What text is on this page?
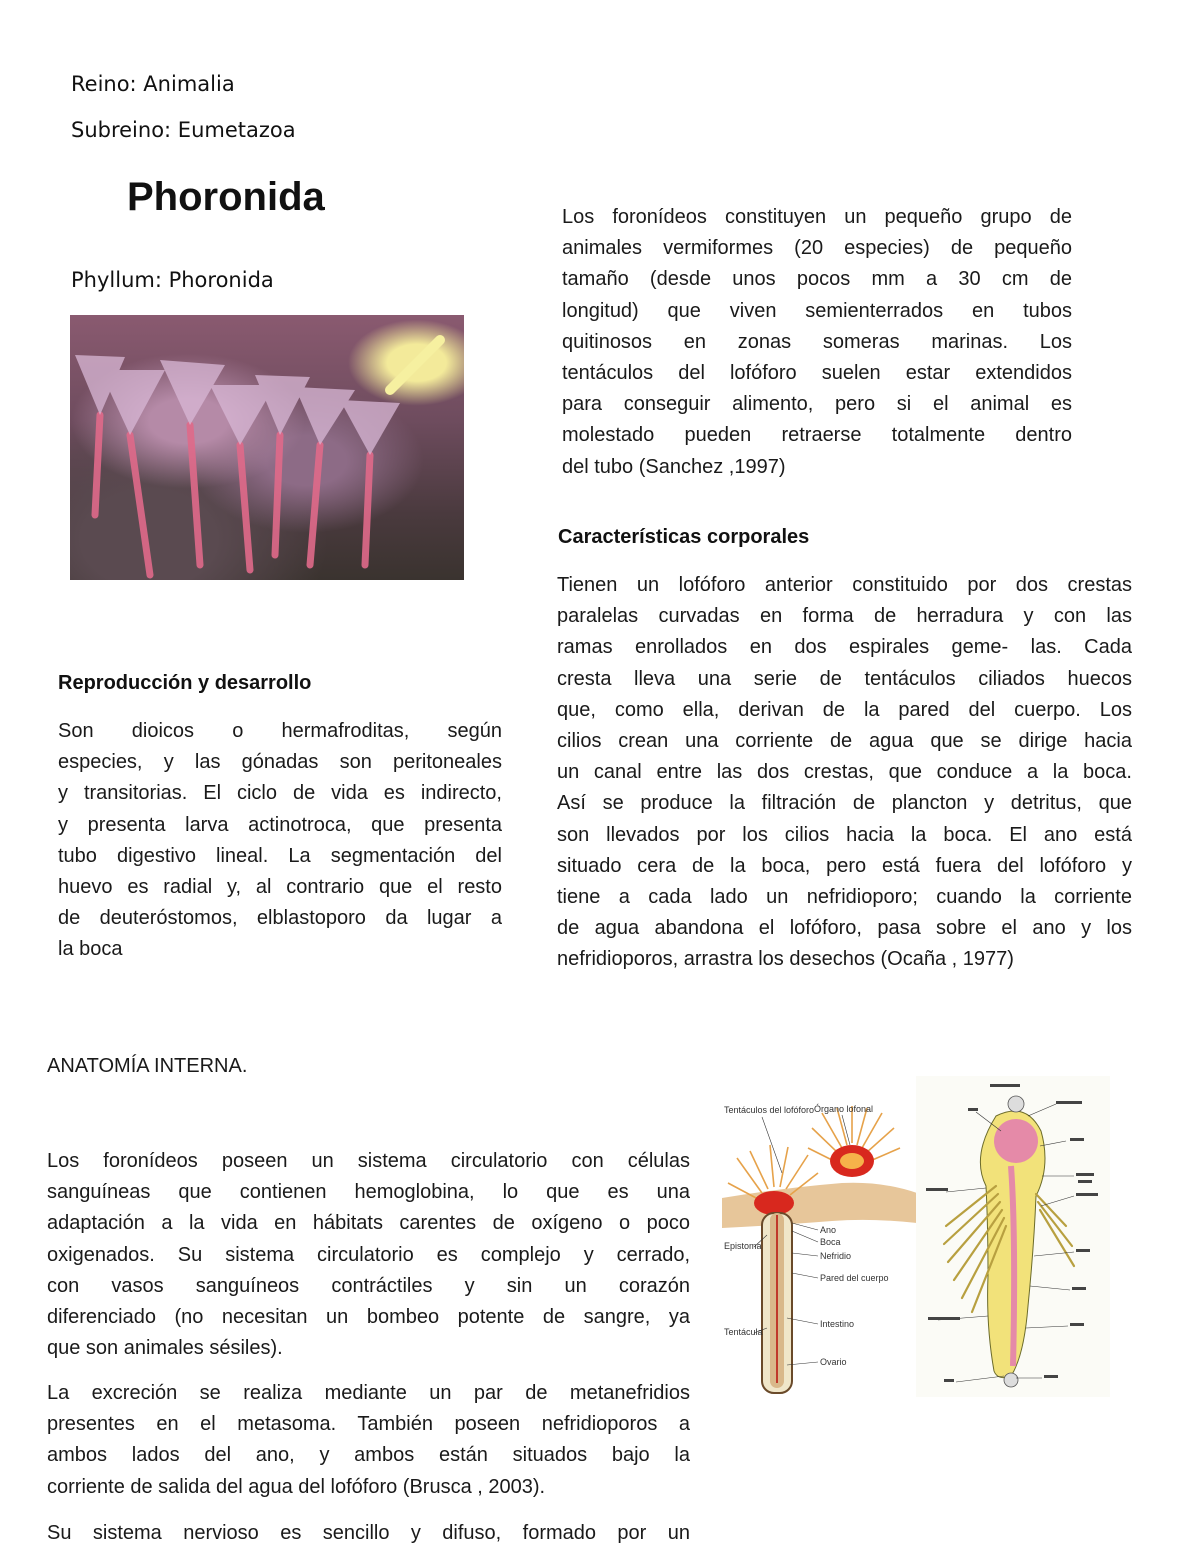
Reino: Animalia
Subreino: Eumetazoa
Phoronida
Phyllum: Phoronida
Los foronídeos constituyen un pequeño grupo de
animales vermiformes (20 especies) de pequeño
tamaño (desde unos pocos mm a 30 cm de
longitud) que viven semienterrados en tubos
quitinosos en zonas someras marinas. Los
tentáculos del lofóforo suelen estar extendidos
para conseguir alimento, pero si el animal es
molestado pueden retraerse totalmente dentro
del tubo (Sanchez ,1997)
Características corporales
Tienen un lofóforo anterior constituido por dos crestas
paralelas curvadas en forma de herradura y con las
ramas enrollados en dos espirales geme- las. Cada
cresta lleva una serie de tentáculos ciliados huecos
que, como ella, derivan de la pared del cuerpo. Los
cilios crean una corriente de agua que se dirige hacia
un canal entre las dos crestas, que conduce a la boca.
Así se produce la filtración de plancton y detritus, que
son llevados por los cilios hacia la boca. El ano está
situado cera de la boca, pero está fuera del lofóforo y
tiene a cada lado un nefridioporo; cuando la corriente
de agua abandona el lofóforo, pasa sobre el ano y los
nefridioporos, arrastra los desechos (Ocaña , 1977)
Reproducción y desarrollo
Son dioicos o hermafroditas, según
especies, y las gónadas son peritoneales
y transitorias. El ciclo de vida es indirecto,
y presenta larva actinotroca, que presenta
tubo digestivo lineal. La segmentación del
huevo es radial y, al contrario que el resto
de deuteróstomos, elblastoporo da lugar a
la boca
ANATOMÍA INTERNA.
Los foronídeos poseen un sistema circulatorio con células
sanguíneas que contienen hemoglobina, lo que es una
adaptación a la vida en hábitats carentes de oxígeno o poco
oxigenados. Su sistema circulatorio es complejo y cerrado,
con vasos sanguíneos contráctiles y sin un corazón
diferenciado (no necesitan un bombeo potente de sangre, ya
que son animales sésiles).
La excreción se realiza mediante un par de metanefridios
presentes en el metasoma. También poseen nefridioporos a
ambos lados del ano, y ambos están situados bajo la
corriente de salida del agua del lofóforo (Brusca , 2003).
Su sistema nervioso es sencillo y difuso, formado por un
Tentáculos del lofóforo Órgano lofonal
Ano
Boca
Nefridio
Pared del cuerpo
Epistoma
Intestino
Tentácula
Ovario
